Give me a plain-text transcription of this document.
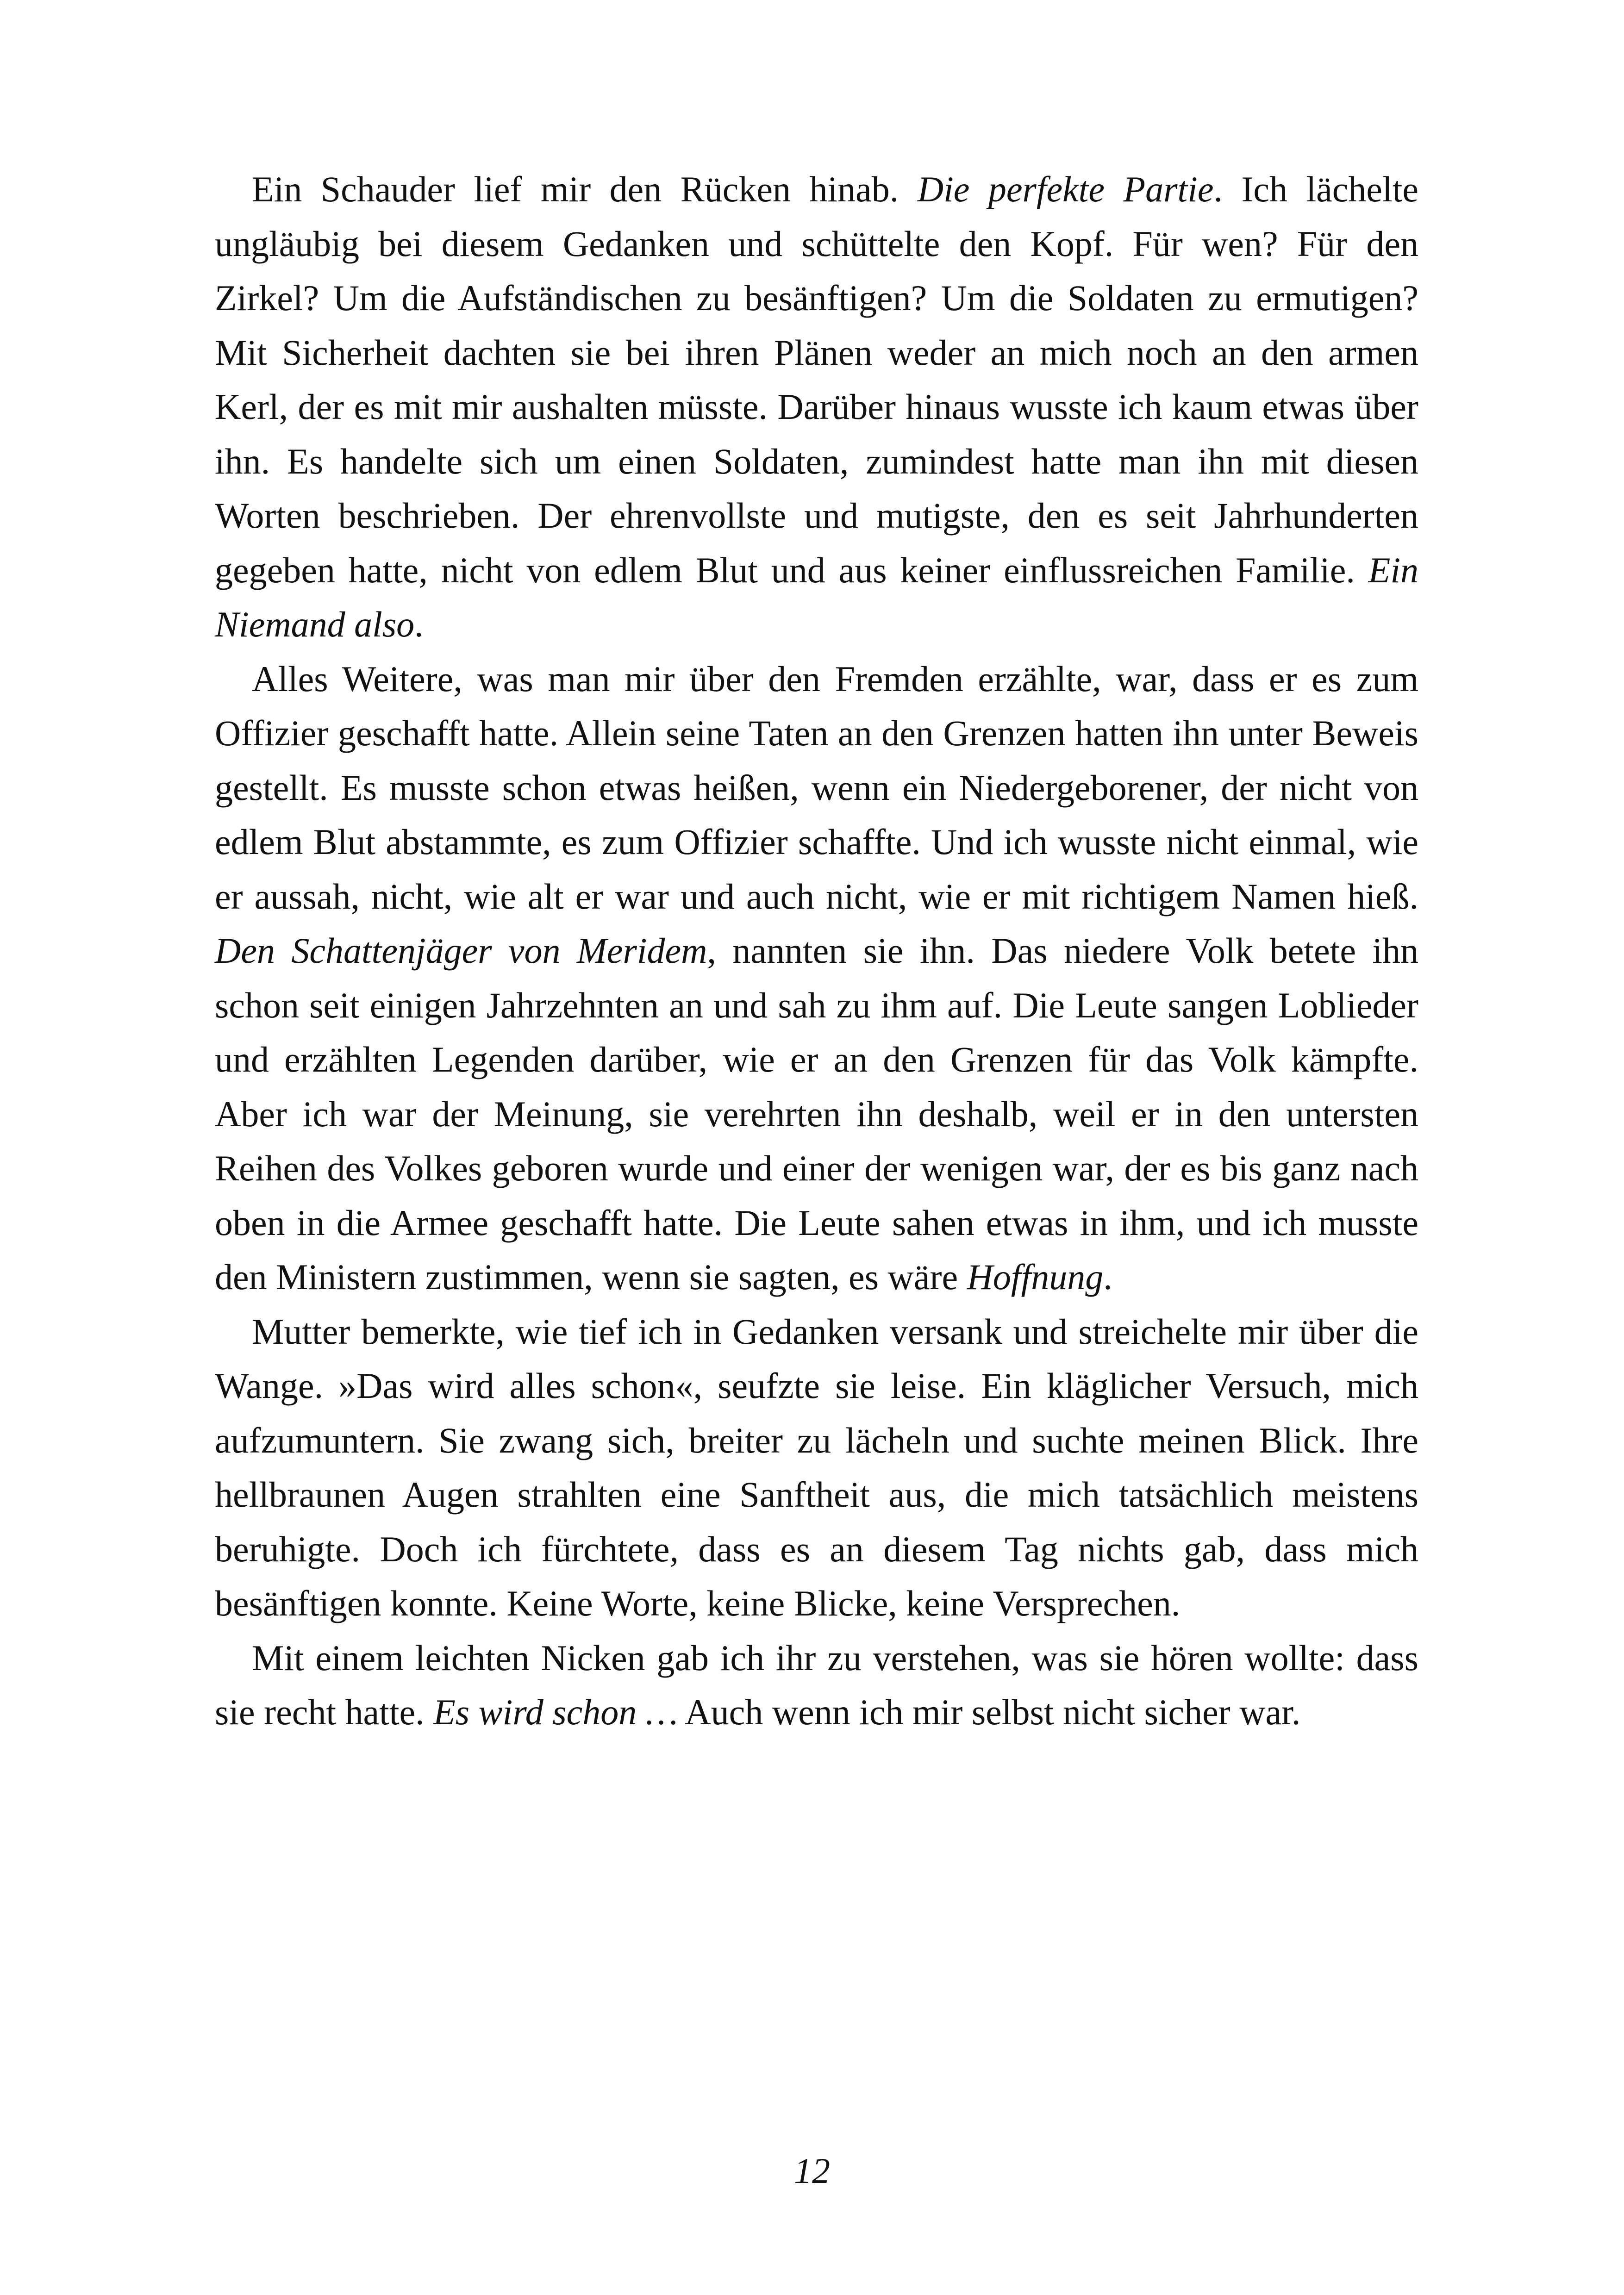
Ein Schauder lief mir den Rücken hinab. Die perfekte Partie. Ich lächelte ungläubig bei diesem Gedanken und schüttelte den Kopf. Für wen? Für den Zirkel? Um die Aufständischen zu besänftigen? Um die Soldaten zu ermutigen? Mit Sicherheit dachten sie bei ihren Plänen weder an mich noch an den armen Kerl, der es mit mir aushalten müsste. Darüber hinaus wusste ich kaum etwas über ihn. Es handelte sich um einen Soldaten, zumindest hatte man ihn mit diesen Worten beschrieben. Der ehrenvollste und mutigste, den es seit Jahrhunderten gegeben hatte, nicht von edlem Blut und aus keiner einflussreichen Familie. Ein Niemand also.

Alles Weitere, was man mir über den Fremden erzählte, war, dass er es zum Offizier geschafft hatte. Allein seine Taten an den Grenzen hatten ihn unter Beweis gestellt. Es musste schon etwas heißen, wenn ein Niedergeborener, der nicht von edlem Blut abstammte, es zum Offizier schaffte. Und ich wusste nicht einmal, wie er aussah, nicht, wie alt er war und auch nicht, wie er mit richtigem Namen hieß. Den Schattenjäger von Meridem, nannten sie ihn. Das niedere Volk betete ihn schon seit einigen Jahrzehnten an und sah zu ihm auf. Die Leute sangen Loblieder und erzählten Legenden darüber, wie er an den Grenzen für das Volk kämpfte. Aber ich war der Meinung, sie verehrten ihn deshalb, weil er in den untersten Reihen des Volkes geboren wurde und einer der wenigen war, der es bis ganz nach oben in die Armee geschafft hatte. Die Leute sahen etwas in ihm, und ich musste den Ministern zustimmen, wenn sie sagten, es wäre Hoffnung.

Mutter bemerkte, wie tief ich in Gedanken versank und streichelte mir über die Wange. »Das wird alles schon«, seufzte sie leise. Ein kläglicher Versuch, mich aufzumuntern. Sie zwang sich, breiter zu lächeln und suchte meinen Blick. Ihre hellbraunen Augen strahlten eine Sanftheit aus, die mich tatsächlich meistens beruhigte. Doch ich fürchtete, dass es an diesem Tag nichts gab, dass mich besänftigen konnte. Keine Worte, keine Blicke, keine Versprechen.

Mit einem leichten Nicken gab ich ihr zu verstehen, was sie hören wollte: dass sie recht hatte. Es wird schon … Auch wenn ich mir selbst nicht sicher war.

12
